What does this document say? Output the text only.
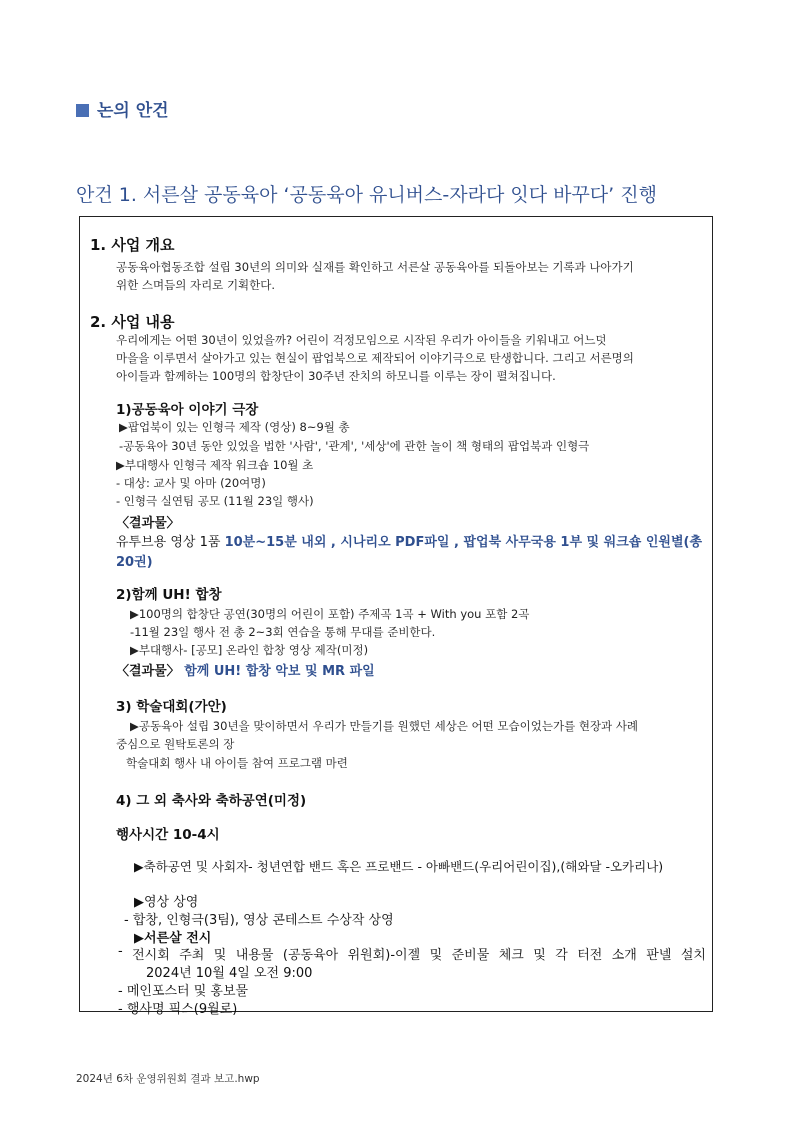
논의 안건
안건 1. 서른살 공동육아 ‘공동육아 유니버스-자라다 잇다 바꾸다’ 진행
1. 사업 개요
공동육아협동조합 설립 30년의 의미와 실재를 확인하고 서른살 공동육아를 되돌아보는 기록과 나아가기
위한 스며듬의 자리로 기획한다.
2. 사업 내용
우리에게는 어떤 30년이 있었을까? 어린이 걱정모임으로 시작된 우리가 아이들을 키워내고 어느덧
마을을 이루면서 살아가고 있는 현실이 팝업북으로 제작되어 이야기극으로 탄생합니다. 그리고 서른명의
아이들과 함께하는 100명의 합창단이 30주년 잔치의 하모니를 이루는 장이 펼쳐집니다.
1)공동육아 이야기 극장
▶팝업북이 있는 인형극 제작 (영상) 8~9월 총
-공동육아 30년 동안 있었을 법한 '사람', '관계', '세상'에 관한 놀이 책 형태의 팝업북과 인형극
▶부대행사 인형극 제작 워크숍 10월 초
- 대상: 교사 및 아마 (20여명)
- 인형극 실연팀 공모 (11월 23일 행사)
〈결과물〉
유투브용 영상 1품 10분~15분 내외 , 시나리오 PDF파일 , 팝업북 사무국용 1부 및 워크숍 인원별(총
20권)
2)함께 UH! 합창
▶100명의 합창단 공연(30명의 어린이 포함) 주제곡 1곡 + With you 포함 2곡
-11월 23일 행사 전 총 2~3회 연습을 통해 무대를 준비한다.
▶부대행사- [공모] 온라인 합창 영상 제작(미정)
〈결과물〉 함께 UH! 합창 악보 및 MR 파일
3) 학술대회(가안)
▶공동육아 설립 30년을 맞이하면서 우리가 만들기를 원했던 세상은 어떤 모습이었는가를 현장과 사례
중심으로 원탁토론의 장
학술대회 행사 내 아이들 참여 프로그램 마련
4) 그 외 축사와 축하공연(미정)
행사시간 10-4시
▶축하공연 및 사회자- 청년연합 밴드 혹은 프로밴드 - 아빠밴드(우리어린이집),(해와달 -오카리나)
▶영상 상영
- 합창, 인형극(3팀), 영상 콘테스트 수상작 상영
▶서른살 전시
- 전시회 주최 및 내용물 (공동육아 위원회)-이젤 및 준비물 체크 및 각 터전 소개 판넬 설치
2024년 10월 4일 오전 9:00
- 메인포스터 및 홍보물
- 행사명 픽스(9월로)
2024년 6차 운영위원회 결과 보고.hwp
